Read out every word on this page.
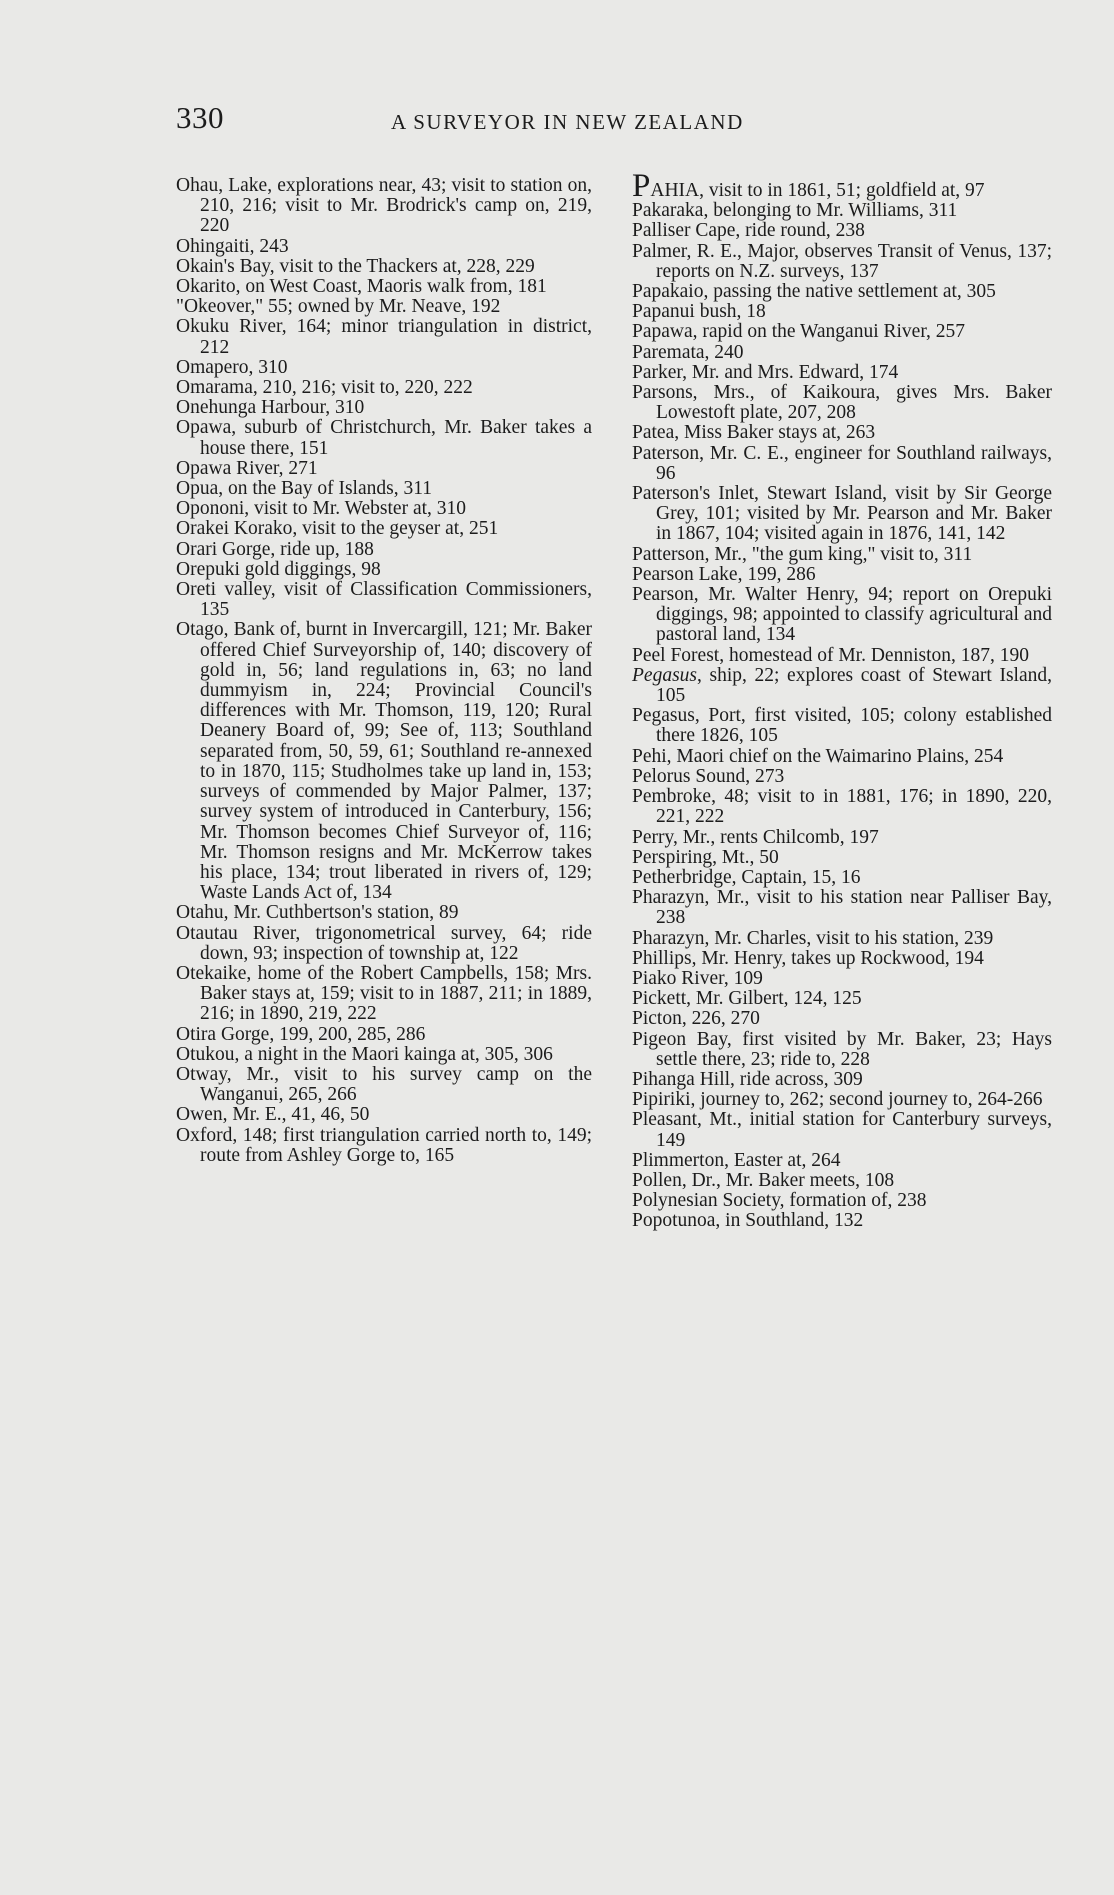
330	A SURVEYOR IN NEW ZEALAND

Ohau, Lake, explorations near, 43; visit to station on, 210, 216; visit to Mr. Brodrick's camp on, 219, 220

Ohingaiti, 243

Okain's Bay, visit to the Thackers at, 228, 229

Okarito, on West Coast, Maoris walk from, 181

"Okeover," 55; owned by Mr. Neave, 192

Okuku River, 164; minor triangulation in district, 212

Omapero, 310

Omarama, 210, 216; visit to, 220, 222

Onehunga Harbour, 310

Opawa, suburb of Christchurch, Mr. Baker takes a house there, 151

Opawa River, 271

Opua, on the Bay of Islands, 311

Opononi, visit to Mr. Webster at, 310

Orakei Korako, visit to the geyser at, 251

Orari Gorge, ride up, 188

Orepuki gold diggings, 98

Oreti valley, visit of Classification Commissioners, 135

Otago, Bank of, burnt in Invercargill, 121; Mr. Baker offered Chief Surveyorship of, 140; discovery of gold in, 56; land regulations in, 63; no land dummyism in, 224; Provincial Council's differences with Mr. Thomson, 119, 120; Rural Deanery Board of, 99; See of, 113; Southland separated from, 50, 59, 61; Southland re-annexed to in 1870, 115; Studholmes take up land in, 153; surveys of commended by Major Palmer, 137; survey system of introduced in Canterbury, 156; Mr. Thomson becomes Chief Surveyor of, 116; Mr. Thomson resigns and Mr. McKerrow takes his place, 134; trout liberated in rivers of, 129; Waste Lands Act of, 134

Otahu, Mr. Cuthbertson's station, 89

Otautau River, trigonometrical survey, 64; ride down, 93; inspection of township at, 122

Otekaike, home of the Robert Campbells, 158; Mrs. Baker stays at, 159; visit to in 1887, 211; in 1889, 216; in 1890, 219, 222

Otira Gorge, 199, 200, 285, 286

Otukou, a night in the Maori kainga at, 305, 306

Otway, Mr., visit to his survey camp on the Wanganui, 265, 266

Owen, Mr. E., 41, 46, 50

Oxford, 148; first triangulation carried north to, 149; route from Ashley Gorge to, 165

PAHIA, visit to in 1861, 51; goldfield at, 97

Pakaraka, belonging to Mr. Williams, 311

Palliser Cape, ride round, 238

Palmer, R. E., Major, observes Transit of Venus, 137; reports on N.Z. surveys, 137

Papakaio, passing the native settlement at, 305

Papanui bush, 18

Papawa, rapid on the Wanganui River, 257

Paremata, 240

Parker, Mr. and Mrs. Edward, 174

Parsons, Mrs., of Kaikoura, gives Mrs. Baker Lowestoft plate, 207, 208

Patea, Miss Baker stays at, 263

Paterson, Mr. C. E., engineer for Southland railways, 96

Paterson's Inlet, Stewart Island, visit by Sir George Grey, 101; visited by Mr. Pearson and Mr. Baker in 1867, 104; visited again in 1876, 141, 142

Patterson, Mr., "the gum king," visit to, 311

Pearson Lake, 199, 286

Pearson, Mr. Walter Henry, 94; report on Orepuki diggings, 98; appointed to classify agricultural and pastoral land, 134

Peel Forest, homestead of Mr. Denniston, 187, 190

Pegasus, ship, 22; explores coast of Stewart Island, 105

Pegasus, Port, first visited, 105; colony established there 1826, 105

Pehi, Maori chief on the Waimarino Plains, 254

Pelorus Sound, 273

Pembroke, 48; visit to in 1881, 176; in 1890, 220, 221, 222

Perry, Mr., rents Chilcomb, 197

Perspiring, Mt., 50

Petherbridge, Captain, 15, 16

Pharazyn, Mr., visit to his station near Palliser Bay, 238

Pharazyn, Mr. Charles, visit to his station, 239

Phillips, Mr. Henry, takes up Rockwood, 194

Piako River, 109

Pickett, Mr. Gilbert, 124, 125

Picton, 226, 270

Pigeon Bay, first visited by Mr. Baker, 23; Hays settle there, 23; ride to, 228

Pihanga Hill, ride across, 309

Pipiriki, journey to, 262; second journey to, 264-266

Pleasant, Mt., initial station for Canterbury surveys, 149

Plimmerton, Easter at, 264

Pollen, Dr., Mr. Baker meets, 108

Polynesian Society, formation of, 238

Popotunoa, in Southland, 132
